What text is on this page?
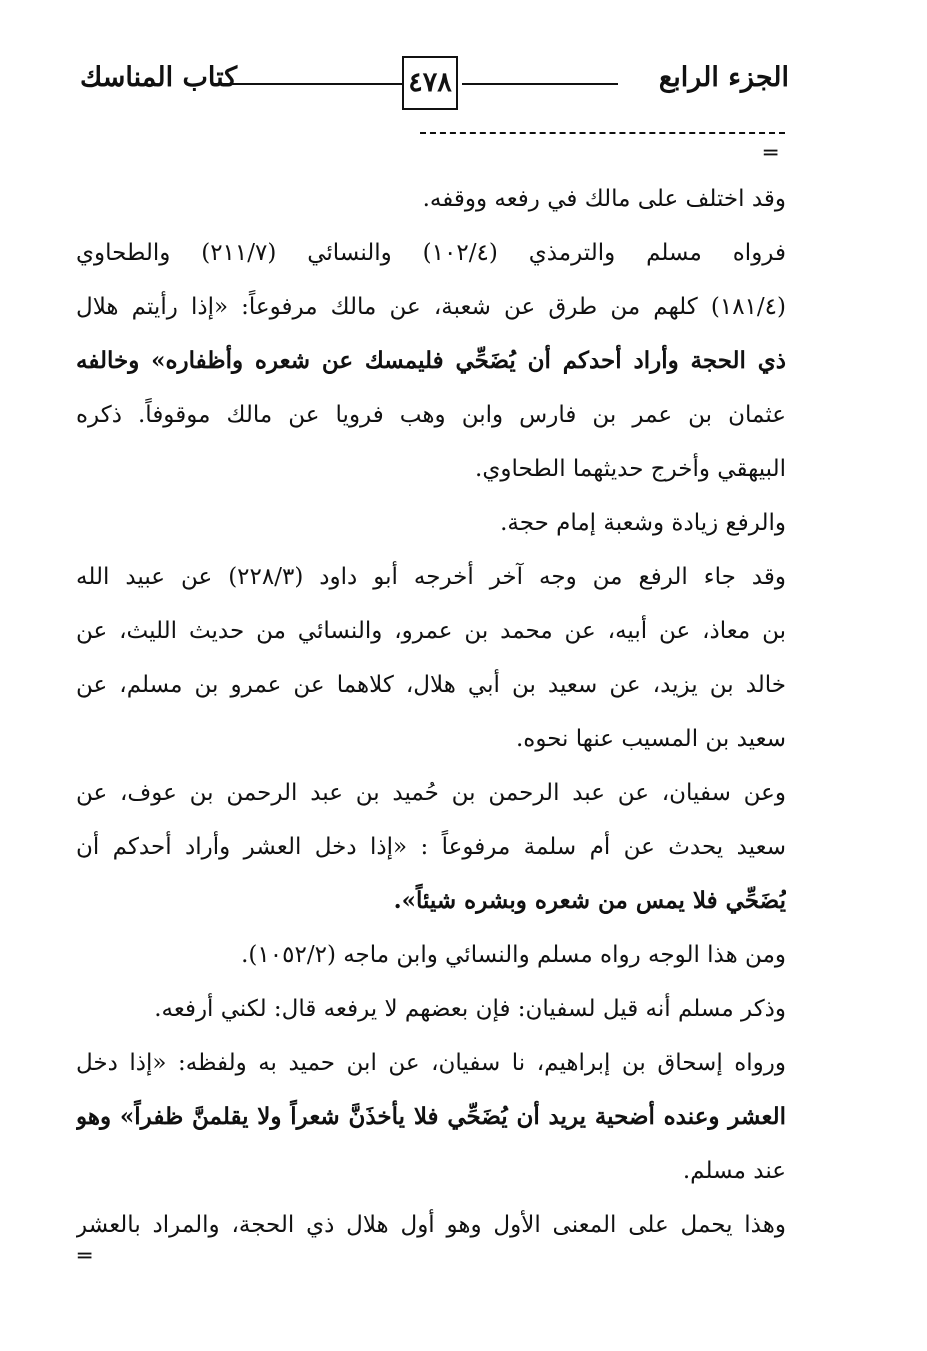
الجزء الرابع
٤٧٨
كتاب المناسك
═
وقد اختلف على مالك في رفعه ووقفه.
فرواه مسلم والترمذي (١٠٢/٤) والنسائي (٢١١/٧) والطحاوي
(١٨١/٤) كلهم من طرق عن شعبة، عن مالك مرفوعاً: «إذا رأيتم هلال
ذي الحجة وأراد أحدكم أن يُضَحِّي فليمسك عن شعره وأظفاره» وخالفه
عثمان بن عمر بن فارس وابن وهب فرويا عن مالك موقوفاً. ذكره
البيهقي وأخرج حديثهما الطحاوي.
والرفع زيادة وشعبة إمام حجة.
وقد جاء الرفع من وجه آخر أخرجه أبو داود (٢٢٨/٣) عن عبيد الله
بن معاذ، عن أبيه، عن محمد بن عمرو، والنسائي من حديث الليث، عن
خالد بن يزيد، عن سعيد بن أبي هلال، كلاهما عن عمرو بن مسلم، عن
سعيد بن المسيب عنها نحوه.
وعن سفيان، عن عبد الرحمن بن حُميد بن عبد الرحمن بن عوف، عن
سعيد يحدث عن أم سلمة مرفوعاً : «إذا دخل العشر وأراد أحدكم أن
يُضَحِّي فلا يمس من شعره وبشره شيئاً».
ومن هذا الوجه رواه مسلم والنسائي وابن ماجه (١٠٥٢/٢).
وذكر مسلم أنه قيل لسفيان: فإن بعضهم لا يرفعه قال: لكني أرفعه.
ورواه إسحاق بن إبراهيم، نا سفيان، عن ابن حميد به ولفظه: «إذا دخل
العشر وعنده أضحية يريد أن يُضَحِّي فلا يأخذَنَّ شعراً ولا يقلمنَّ ظفراً» وهو
عند مسلم.
وهذا يحمل على المعنى الأول وهو أول هلال ذي الحجة، والمراد بالعشر
═
